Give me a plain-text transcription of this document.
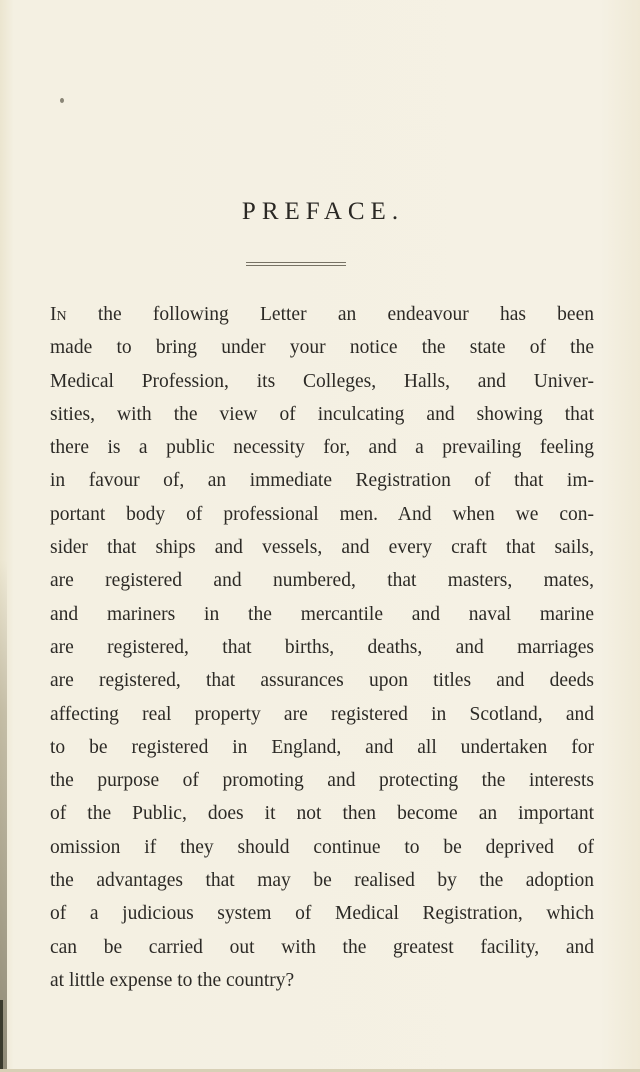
PREFACE.
In the following Letter an endeavour has been
made to bring under your notice the state of the
Medical Profession, its Colleges, Halls, and Univer-
sities, with the view of inculcating and showing that
there is a public necessity for, and a prevailing feeling
in favour of, an immediate Registration of that im-
portant body of professional men. And when we con-
sider that ships and vessels, and every craft that sails,
are registered and numbered, that masters, mates,
and mariners in the mercantile and naval marine
are registered, that births, deaths, and marriages
are registered, that assurances upon titles and deeds
affecting real property are registered in Scotland, and
to be registered in England, and all undertaken for
the purpose of promoting and protecting the interests
of the Public, does it not then become an important
omission if they should continue to be deprived of
the advantages that may be realised by the adoption
of a judicious system of Medical Registration, which
can be carried out with the greatest facility, and
at little expense to the country?
